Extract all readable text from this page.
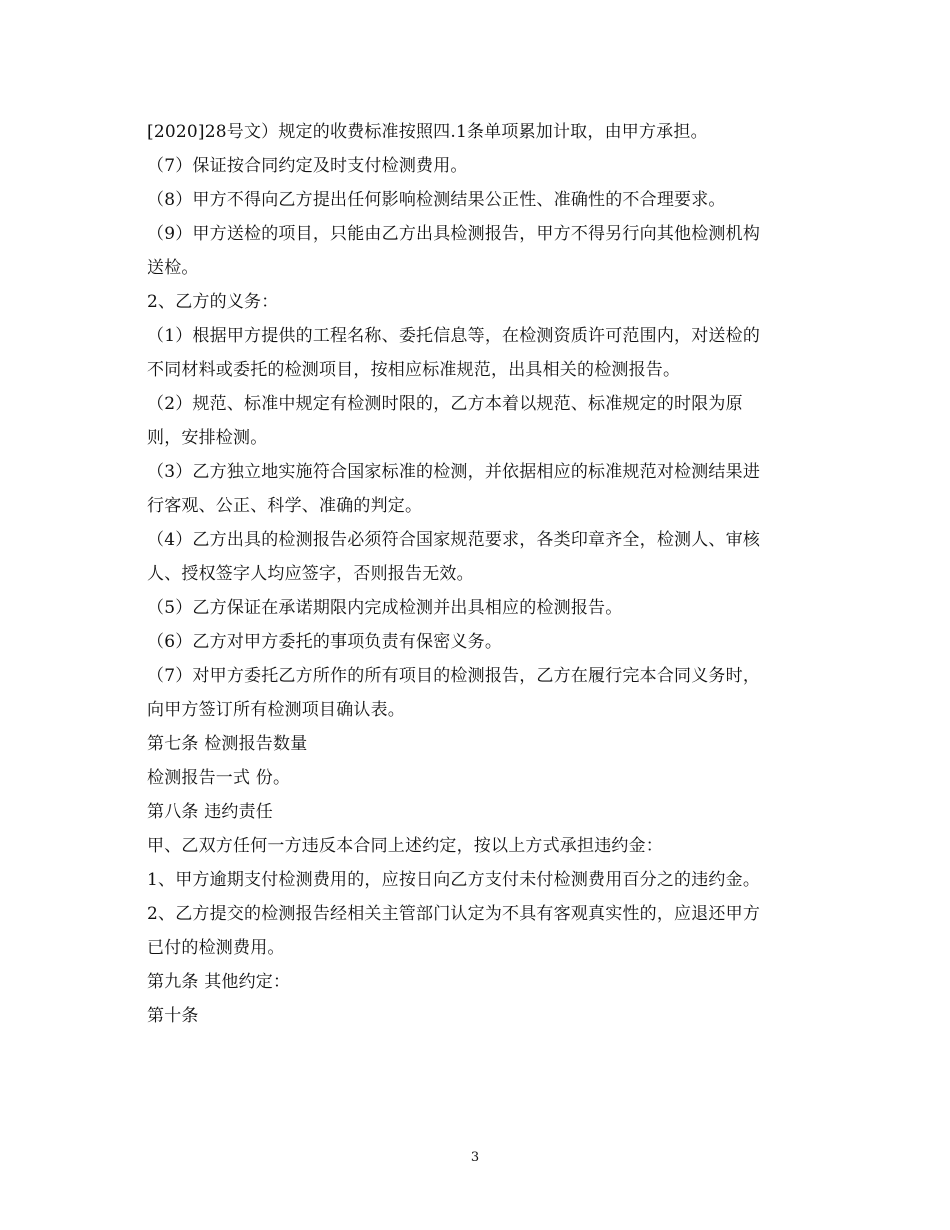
[2020]28号文）规定的收费标准按照四.1条单项累加计取，由甲方承担。
（7）保证按合同约定及时支付检测费用。
（8）甲方不得向乙方提出任何影响检测结果公正性、准确性的不合理要求。
（9）甲方送检的项目，只能由乙方出具检测报告，甲方不得另行向其他检测机构
送检。
2、乙方的义务：
（1）根据甲方提供的工程名称、委托信息等，在检测资质许可范围内，对送检的
不同材料或委托的检测项目，按相应标准规范，出具相关的检测报告。
（2）规范、标准中规定有检测时限的，乙方本着以规范、标准规定的时限为原
则，安排检测。
（3）乙方独立地实施符合国家标准的检测，并依据相应的标准规范对检测结果进
行客观、公正、科学、准确的判定。
（4）乙方出具的检测报告必须符合国家规范要求，各类印章齐全，检测人、审核
人、授权签字人均应签字，否则报告无效。
（5）乙方保证在承诺期限内完成检测并出具相应的检测报告。
（6）乙方对甲方委托的事项负责有保密义务。
（7）对甲方委托乙方所作的所有项目的检测报告，乙方在履行完本合同义务时，
向甲方签订所有检测项目确认表。
第七条 检测报告数量
检测报告一式 份。
第八条 违约责任
甲、乙双方任何一方违反本合同上述约定，按以上方式承担违约金：
1、甲方逾期支付检测费用的，应按日向乙方支付未付检测费用百分之的违约金。
2、乙方提交的检测报告经相关主管部门认定为不具有客观真实性的，应退还甲方
已付的检测费用。
第九条 其他约定：
第十条
3
